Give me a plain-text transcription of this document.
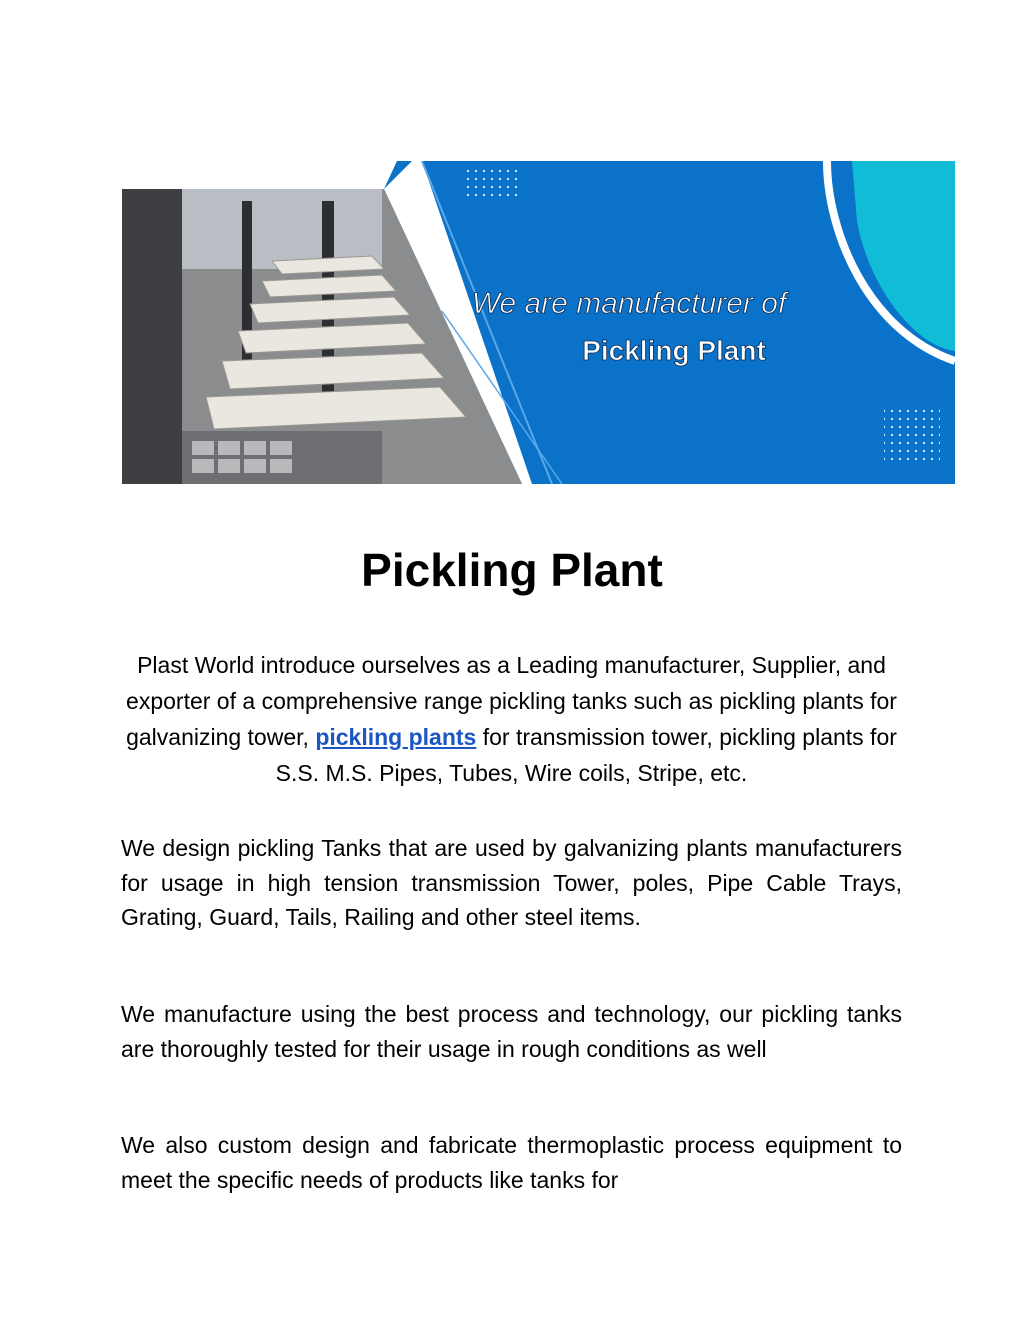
We are manufacturer of
Pickling Plant
Pickling Plant

Plast World introduce ourselves as a Leading manufacturer, Supplier, and exporter of a comprehensive range pickling tanks such as pickling plants for galvanizing tower, pickling plants for transmission tower, pickling plants for S.S. M.S. Pipes, Tubes, Wire coils, Stripe, etc.

We design pickling Tanks that are used by galvanizing plants manufacturers for usage in high tension transmission Tower, poles, Pipe Cable Trays, Grating, Guard, Tails, Railing and other steel items.

We manufacture using the best process and technology, our pickling tanks are thoroughly tested for their usage in rough conditions as well

We also custom design and fabricate thermoplastic process equipment to meet the specific needs of products like tanks for
